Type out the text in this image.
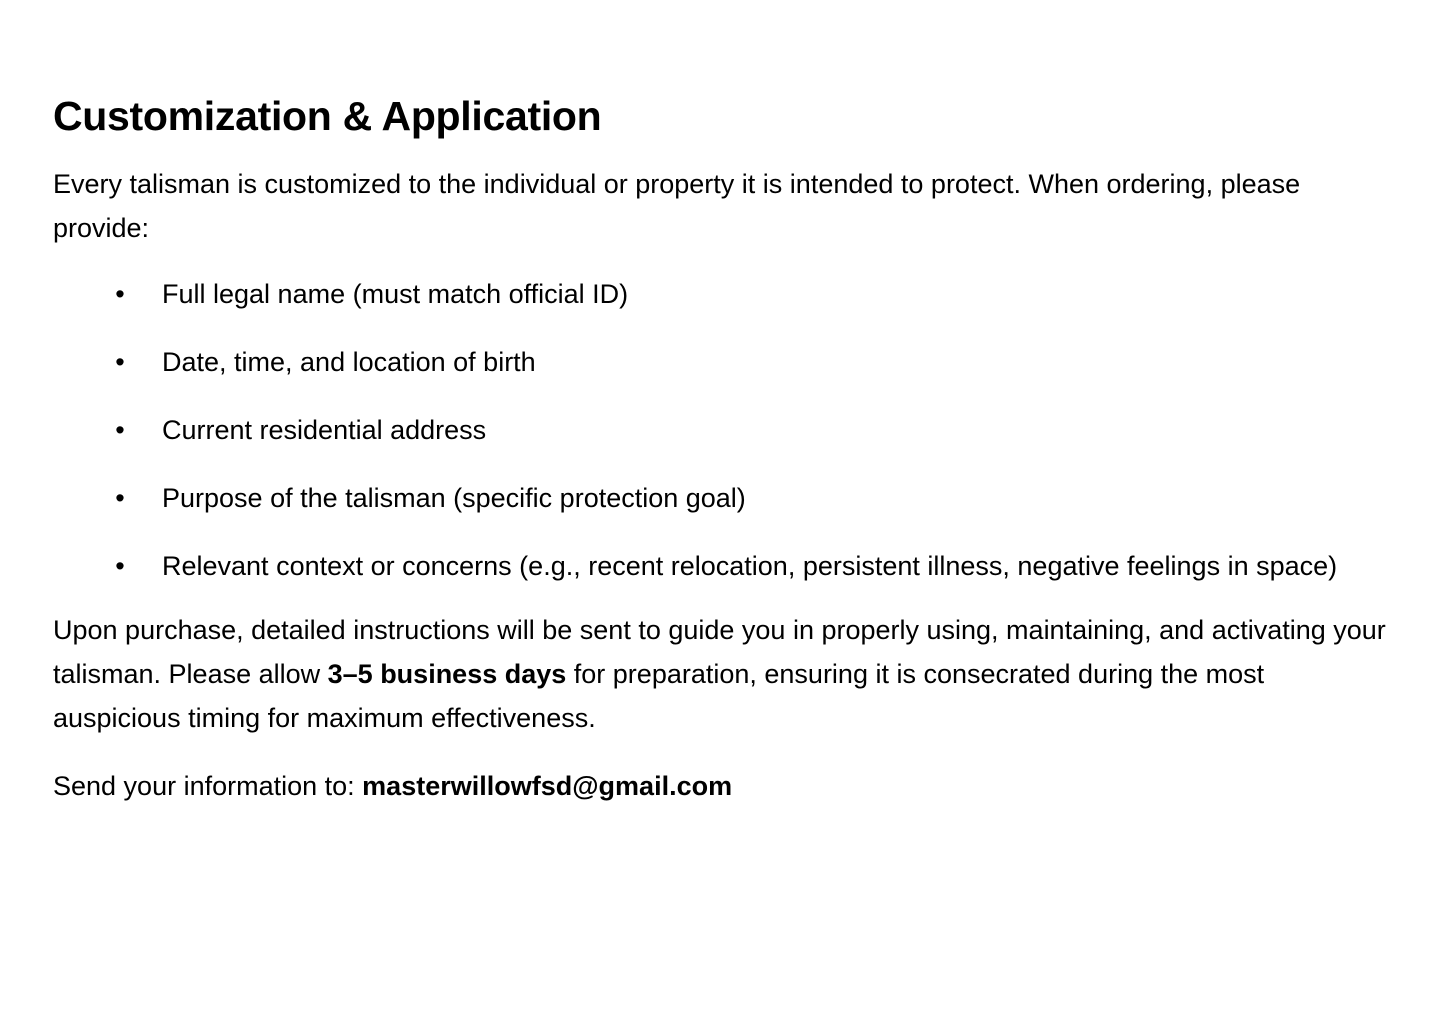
Customization & Application

Every talisman is customized to the individual or property it is intended to protect. When ordering, please provide:

• Full legal name (must match official ID)
• Date, time, and location of birth
• Current residential address
• Purpose of the talisman (specific protection goal)
• Relevant context or concerns (e.g., recent relocation, persistent illness, negative feelings in space)

Upon purchase, detailed instructions will be sent to guide you in properly using, maintaining, and activating your talisman. Please allow 3–5 business days for preparation, ensuring it is consecrated during the most auspicious timing for maximum effectiveness.

Send your information to: masterwillowfsd@gmail.com
